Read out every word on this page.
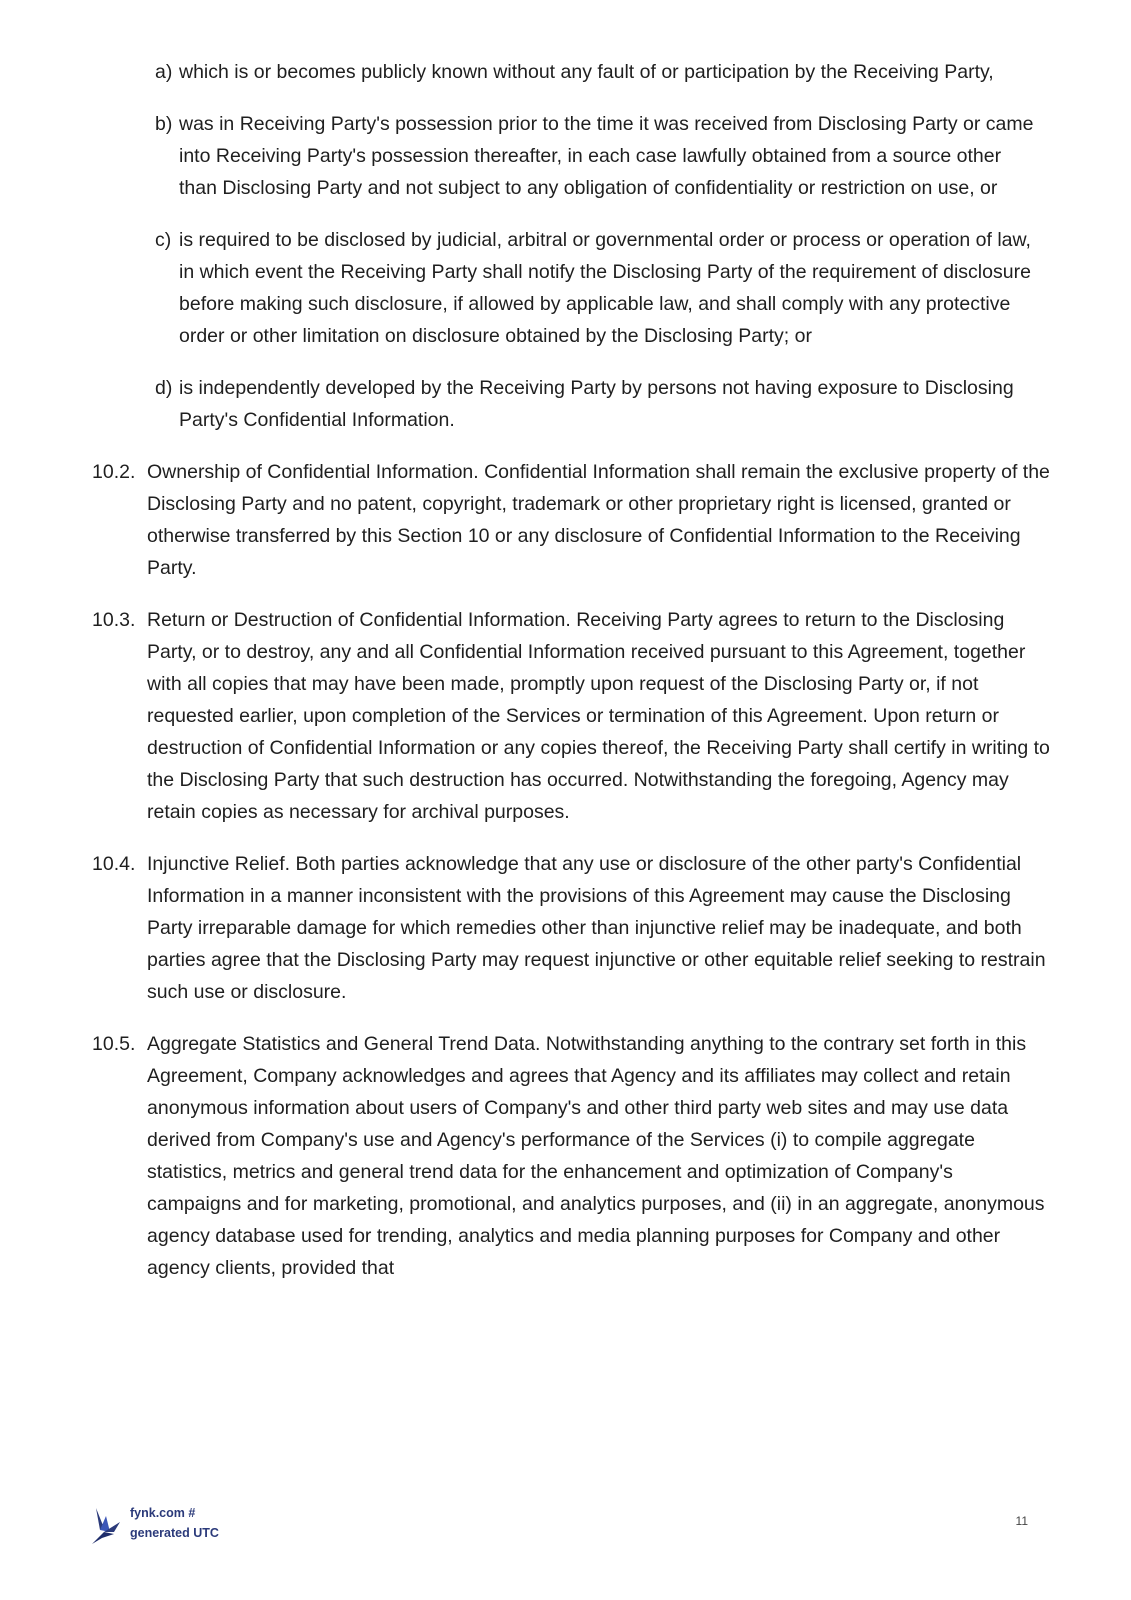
a) which is or becomes publicly known without any fault of or participation by the Receiving Party,
b) was in Receiving Party's possession prior to the time it was received from Disclosing Party or came into Receiving Party's possession thereafter, in each case lawfully obtained from a source other than Disclosing Party and not subject to any obligation of confidentiality or restriction on use, or
c) is required to be disclosed by judicial, arbitral or governmental order or process or operation of law, in which event the Receiving Party shall notify the Disclosing Party of the requirement of disclosure before making such disclosure, if allowed by applicable law, and shall comply with any protective order or other limitation on disclosure obtained by the Disclosing Party; or
d) is independently developed by the Receiving Party by persons not having exposure to Disclosing Party's Confidential Information.
10.2. Ownership of Confidential Information. Confidential Information shall remain the exclusive property of the Disclosing Party and no patent, copyright, trademark or other proprietary right is licensed, granted or otherwise transferred by this Section 10 or any disclosure of Confidential Information to the Receiving Party.
10.3. Return or Destruction of Confidential Information. Receiving Party agrees to return to the Disclosing Party, or to destroy, any and all Confidential Information received pursuant to this Agreement, together with all copies that may have been made, promptly upon request of the Disclosing Party or, if not requested earlier, upon completion of the Services or termination of this Agreement. Upon return or destruction of Confidential Information or any copies thereof, the Receiving Party shall certify in writing to the Disclosing Party that such destruction has occurred. Notwithstanding the foregoing, Agency may retain copies as necessary for archival purposes.
10.4. Injunctive Relief. Both parties acknowledge that any use or disclosure of the other party's Confidential Information in a manner inconsistent with the provisions of this Agreement may cause the Disclosing Party irreparable damage for which remedies other than injunctive relief may be inadequate, and both parties agree that the Disclosing Party may request injunctive or other equitable relief seeking to restrain such use or disclosure.
10.5. Aggregate Statistics and General Trend Data. Notwithstanding anything to the contrary set forth in this Agreement, Company acknowledges and agrees that Agency and its affiliates may collect and retain anonymous information about users of Company's and other third party web sites and may use data derived from Company's use and Agency's performance of the Services (i) to compile aggregate statistics, metrics and general trend data for the enhancement and optimization of Company's campaigns and for marketing, promotional, and analytics purposes, and (ii) in an aggregate, anonymous agency database used for trending, analytics and media planning purposes for Company and other agency clients, provided that
fynk.com #
generated UTC
11
